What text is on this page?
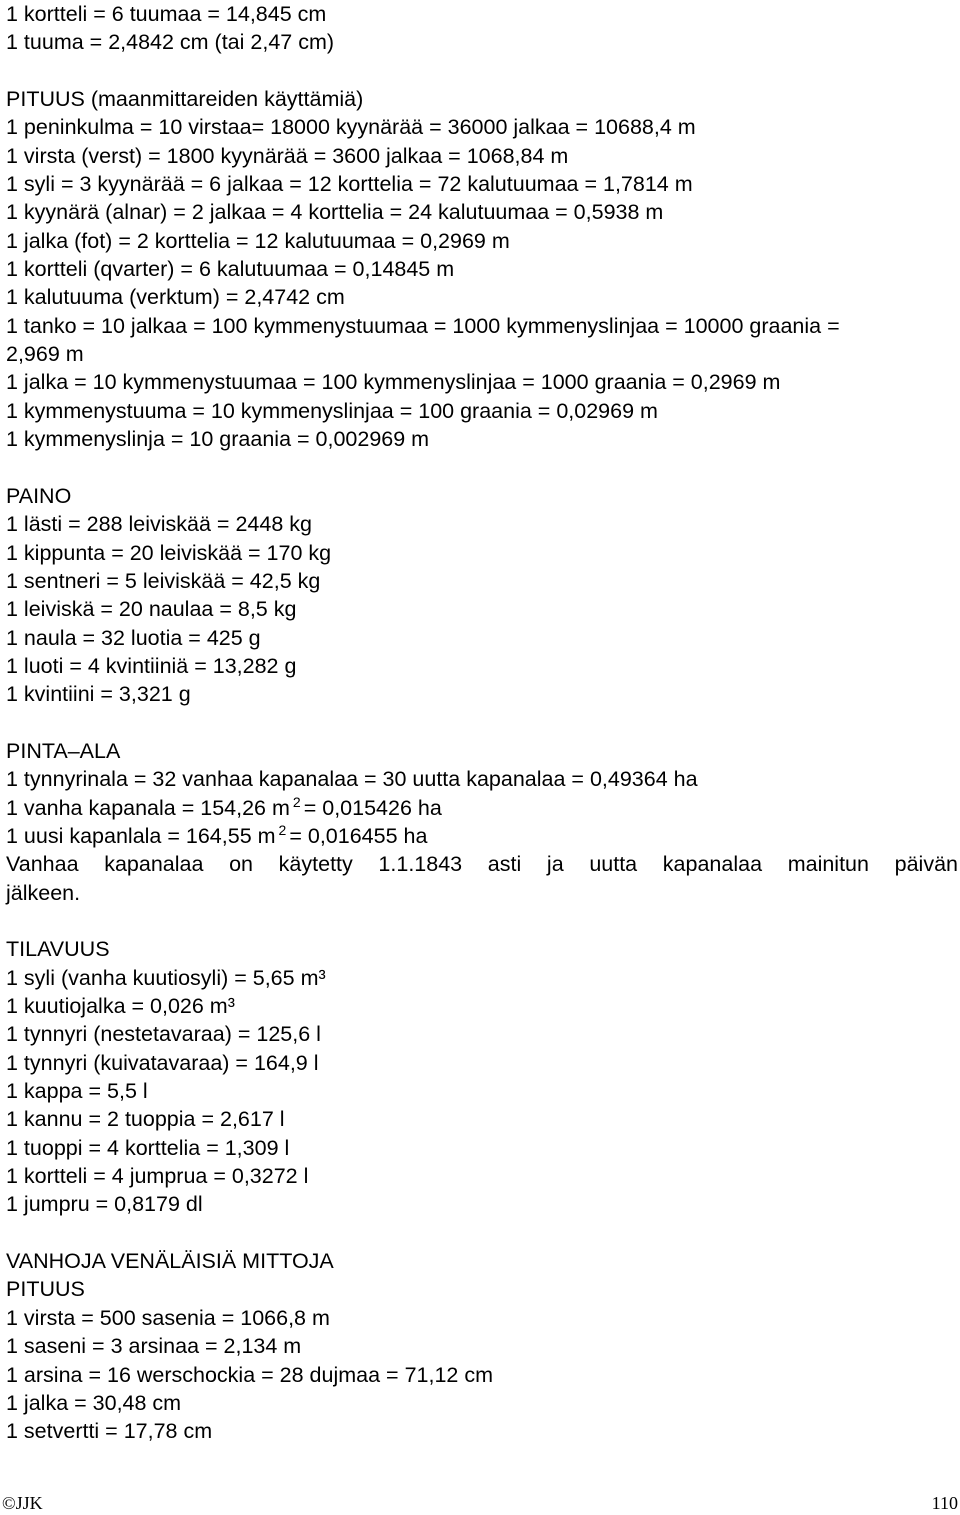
1 kortteli = 6 tuumaa = 14,845 cm
1 tuuma = 2,4842 cm (tai 2,47 cm)
PITUUS (maanmittareiden käyttämiä)
1 peninkulma = 10 virstaa= 18000 kyynärää = 36000 jalkaa = 10688,4 m
1 virsta (verst) = 1800 kyynärää = 3600 jalkaa = 1068,84 m
1 syli = 3 kyynärää = 6 jalkaa = 12 korttelia = 72 kalutuumaa = 1,7814 m
1 kyynärä (alnar) = 2 jalkaa = 4 korttelia = 24 kalutuumaa = 0,5938 m
1 jalka (fot) = 2 korttelia = 12 kalutuumaa = 0,2969 m
1 kortteli (qvarter) = 6 kalutuumaa = 0,14845 m
1 kalutuuma (verktum) = 2,4742 cm
1 tanko = 10 jalkaa = 100 kymmenystuumaa = 1000 kymmenyslinjaa = 10000 graania =
2,969 m
1 jalka = 10 kymmenystuumaa = 100 kymmenyslinjaa = 1000 graania = 0,2969 m
1 kymmenystuuma = 10 kymmenyslinjaa = 100 graania = 0,02969 m
1 kymmenyslinja = 10 graania = 0,002969 m
PAINO
1 lästi = 288 leiviskää = 2448 kg
1 kippunta = 20 leiviskää = 170 kg
1 sentneri = 5 leiviskää = 42,5 kg
1 leiviskä = 20 naulaa = 8,5 kg
1 naula = 32 luotia = 425 g
1 luoti = 4 kvintiiniä = 13,282 g
1 kvintiini = 3,321 g
PINTA–ALA
1 tynnyrinala = 32 vanhaa kapanalaa = 30 uutta kapanalaa = 0,49364 ha
1 vanha kapanala = 154,26 m $^2$ = 0,015426 ha
1 uusi kapanlala = 164,55 m $^2$ = 0,016455 ha
Vanhaa kapanalaa on käytetty 1.1.1843 asti ja uutta kapanalaa mainitun päivän
jälkeen.
TILAVUUS
1 syli (vanha kuutiosyli) = 5,65 m³
1 kuutiojalka = 0,026 m³
1 tynnyri (nestetavaraa) = 125,6 l
1 tynnyri (kuivatavaraa) = 164,9 l
1 kappa = 5,5 l
1 kannu = 2 tuoppia = 2,617 l
1 tuoppi = 4 korttelia = 1,309 l
1 kortteli = 4 jumprua = 0,3272 l
1 jumpru = 0,8179 dl
VANHOJA VENÄLÄISIÄ MITTOJA
PITUUS
1 virsta = 500 sasenia = 1066,8 m
1 saseni = 3 arsinaa = 2,134 m
1 arsina = 16 werschockia = 28 dujmaa = 71,12 cm
1 jalka = 30,48 cm
1 setvertti = 17,78 cm
©JJK	110
